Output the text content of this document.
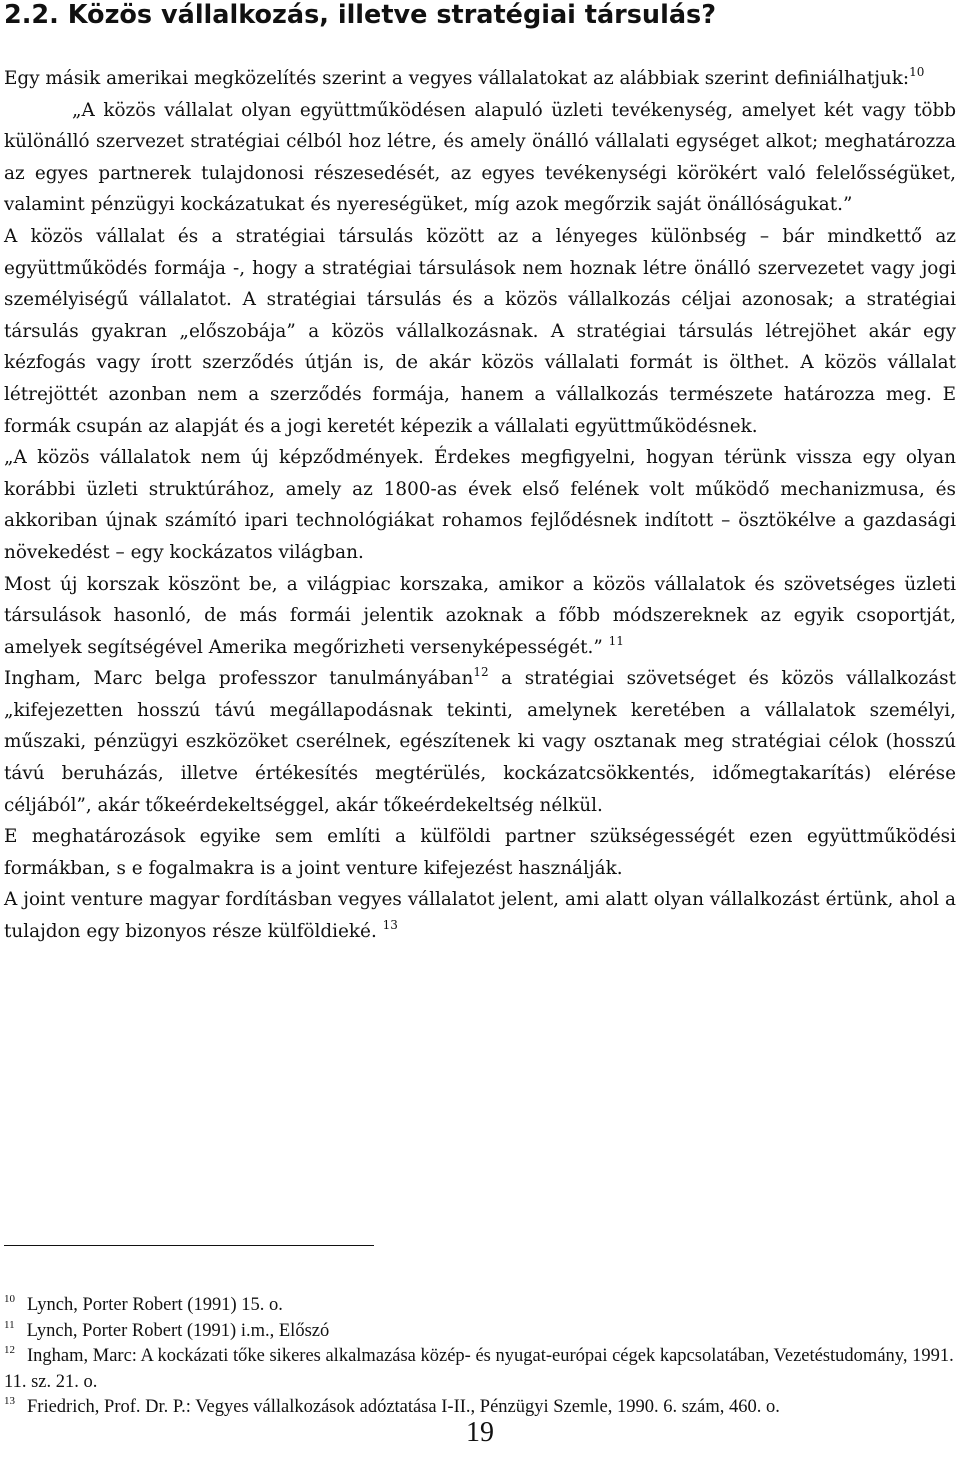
2.2. Közös vállalkozás, illetve stratégiai társulás?

Egy másik amerikai megközelítés szerint a vegyes vállalatokat az alábbiak szerint definiálhatjuk:$^{10}$

„A közös vállalat olyan együttműködésen alapuló üzleti tevékenység, amelyet két vagy több különálló szervezet stratégiai célból hoz létre, és amely önálló vállalati egységet alkot; meghatározza az egyes partnerek tulajdonosi részesedését, az egyes tevékenységi körökért való felelősségüket, valamint pénzügyi kockázatukat és nyereségüket, míg azok megőrzik saját önállóságukat.”

A közös vállalat és a stratégiai társulás között az a lényeges különbség – bár mindkettő az együttműködés formája -, hogy a stratégiai társulások nem hoznak létre önálló szervezetet vagy jogi személyiségű vállalatot. A stratégiai társulás és a közös vállalkozás céljai azonosak; a stratégiai társulás gyakran „előszobája” a közös vállalkozásnak. A stratégiai társulás létrejöhet akár egy kézfogás vagy írott szerződés útján is, de akár közös vállalati formát is ölthet. A közös vállalat létrejöttét azonban nem a szerződés formája, hanem a vállalkozás természete határozza meg. E formák csupán az alapját és a jogi keretét képezik a vállalati együttműködésnek.

„A közös vállalatok nem új képződmények. Érdekes megfigyelni, hogyan térünk vissza egy olyan korábbi üzleti struktúrához, amely az 1800-as évek első felének volt működő mechanizmusa, és akkoriban újnak számító ipari technológiákat rohamos fejlődésnek indított – ösztökélve a gazdasági növekedést – egy kockázatos világban.

Most új korszak köszönt be, a világpiac korszaka, amikor a közös vállalatok és szövetséges üzleti társulások hasonló, de más formái jelentik azoknak a főbb módszereknek az egyik csoportját, amelyek segítségével Amerika megőrizheti versenyképességét.” $^{11}$

Ingham, Marc belga professzor tanulmányában$^{12}$ a stratégiai szövetséget és közös vállalkozást „kifejezetten hosszú távú megállapodásnak tekinti, amelynek keretében a vállalatok személyi, műszaki, pénzügyi eszközöket cserélnek, egészítenek ki vagy osztanak meg stratégiai célok (hosszú távú beruházás, illetve értékesítés megtérülés, kockázatcsökkentés, időmegtakarítás) elérése céljából”, akár tőkeérdekeltséggel, akár tőkeérdekeltség nélkül.

E meghatározások egyike sem említi a külföldi partner szükségességét ezen együttműködési formákban, s e fogalmakra is a joint venture kifejezést használják.

A joint venture magyar fordításban vegyes vállalatot jelent, ami alatt olyan vállalkozást értünk, ahol a tulajdon egy bizonyos része külföldieké. $^{13}$

$^{10}$ Lynch, Porter Robert (1991) 15. o.
$^{11}$ Lynch, Porter Robert (1991) i.m., Előszó
$^{12}$ Ingham, Marc: A kockázati tőke sikeres alkalmazása közép- és nyugat-európai cégek kapcsolatában, Vezetéstudomány, 1991. 11. sz. 21. o.
$^{13}$ Friedrich, Prof. Dr. P.: Vegyes vállalkozások adóztatása I-II., Pénzügyi Szemle, 1990. 6. szám, 460. o.
19
